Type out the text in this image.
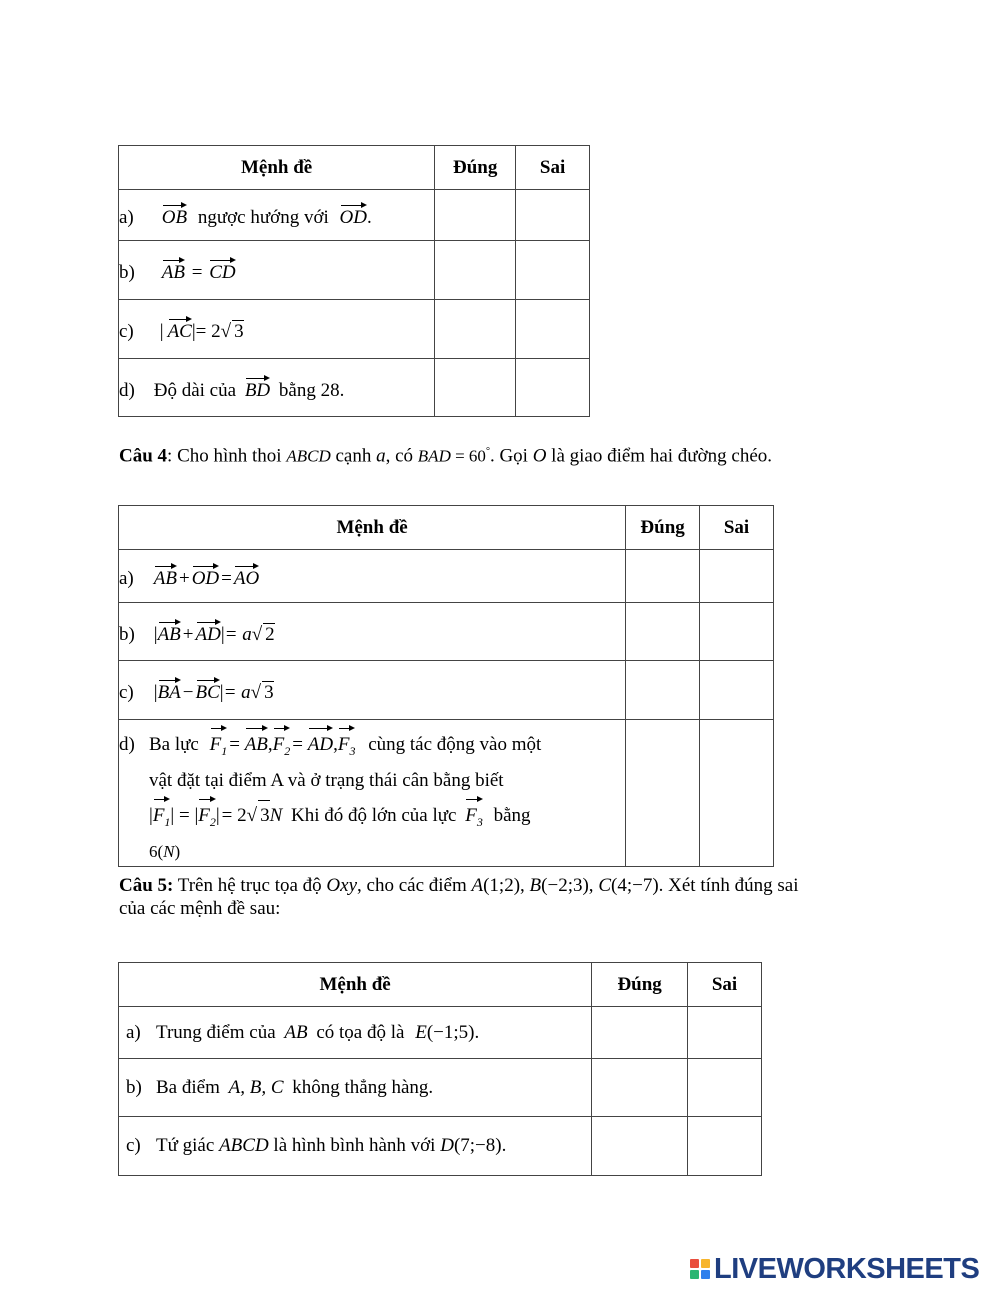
Mệnh đề	Đúng	Sai
a) OB ngược hướng với OD.		
b) AB = CD		
c) | AC|= 2√ 3		
d) Độ dài của BD bằng 28.		
Câu 4: Cho hình thoi ABCD cạnh a, có BAD = 60°. Gọi O là giao điểm hai đường chéo.
Mệnh đề	Đúng	Sai
a) AB + OD = AO		
b) |AB + AD|= a√ 2		
c) |BA − BC|= a√ 3		

d) Ba lực $F_1 = AB,F_2 = AD,F_3$ cùng tác động vào một
vật đặt tại điểm A và ở trạng thái cân bằng biết
$|F_1| = |F_2| = 2√$ 3N Khi đó độ lớn của lực $F_3$ bằng
6(N)		

Câu 5: Trên hệ trục tọa độ Oxy, cho các điểm A(1;2), B(−2;3), C(4;−7). Xét tính đúng sai
của các mệnh đề sau:
Mệnh đề	Đúng	Sai
a) Trung điểm của AB có tọa độ là E(−1;5).		
b) Ba điểm A, B, C không thẳng hàng.		
c) Tứ giác ABCD là hình bình hành với D(7;−8).		
LIVEWORKSHEETS
